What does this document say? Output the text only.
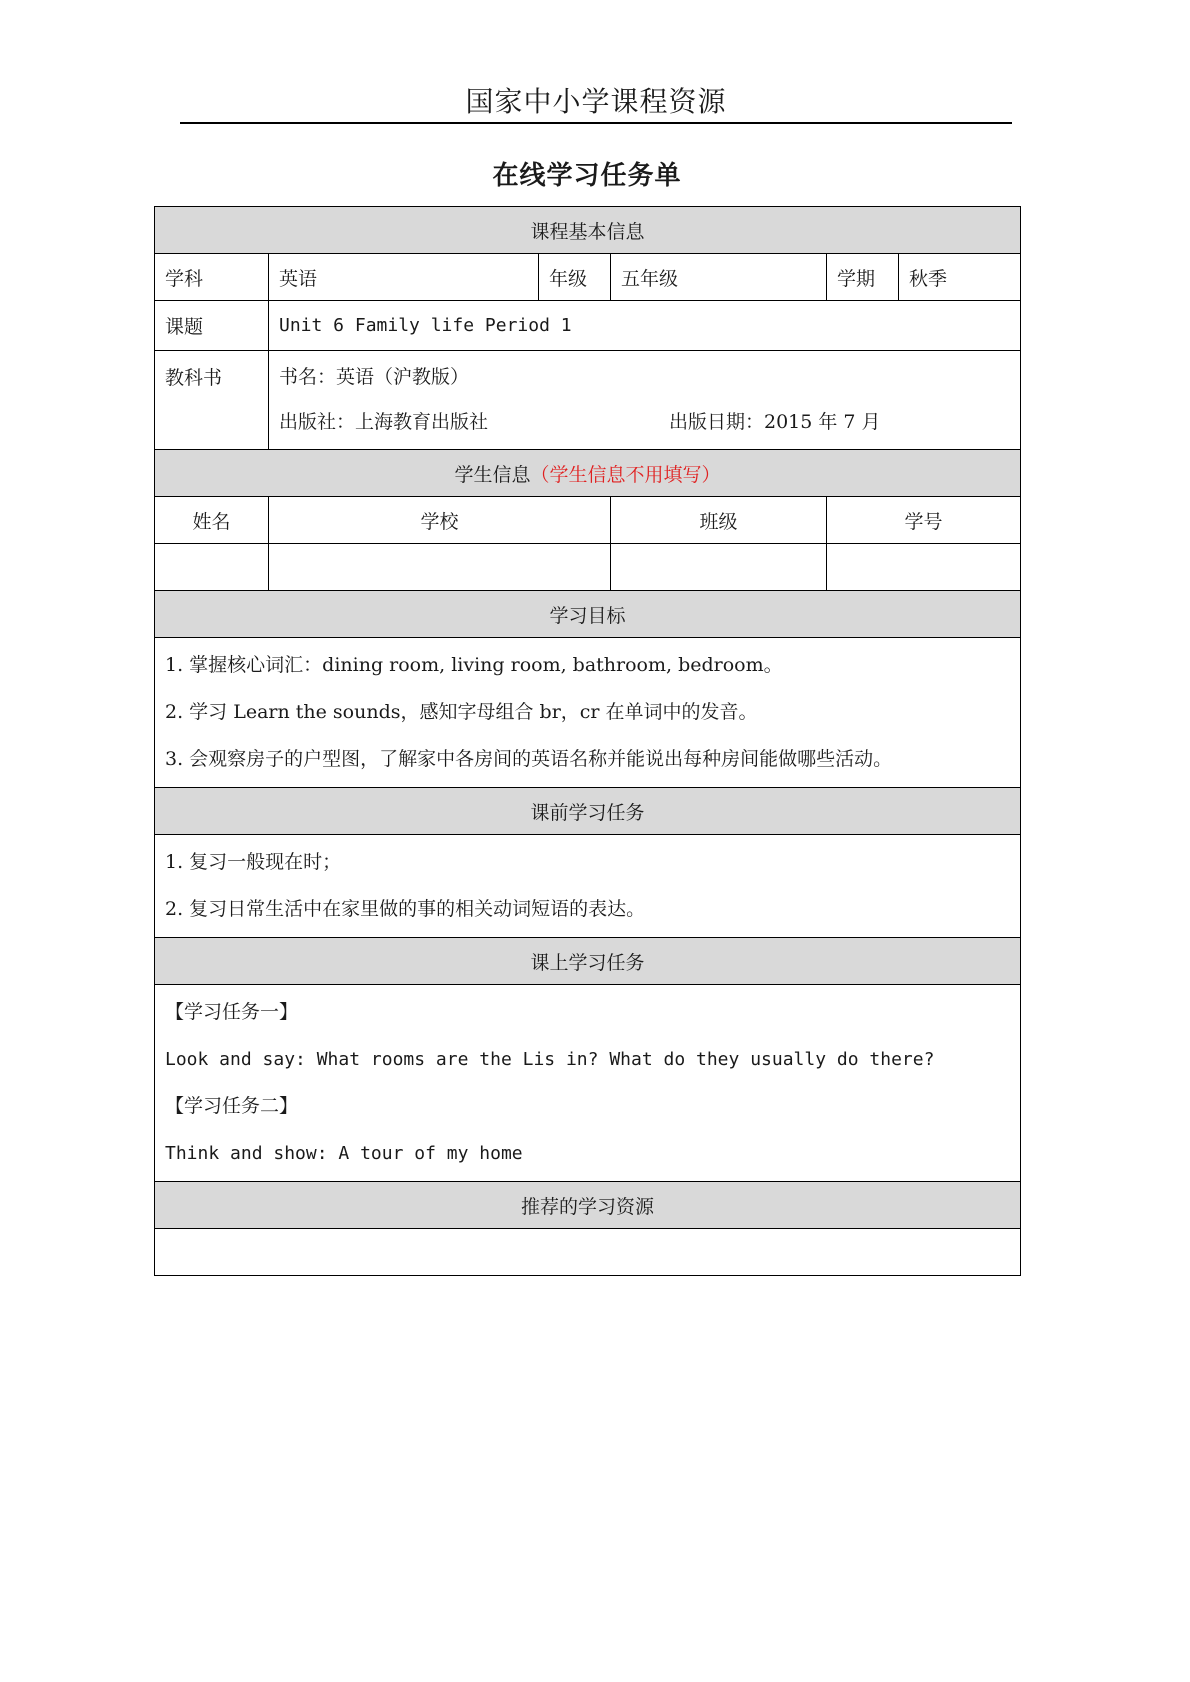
国家中小学课程资源
在线学习任务单
课程基本信息					
学科	英语	年级	五年级	学期	秋季
课题	Unit 6 Family life Period 1				
教科书	书名：英语（沪教版）
出版社：上海教育出版社 出版日期：2015 年 7 月				

学生信息（学生信息不用填写）					
姓名	学校		班级	学号	

学习目标					

1. 掌握核心词汇：dining room, living room, bathroom, bedroom。
2. 学习 Learn the sounds，感知字母组合 br，cr 在单词中的发音。
3. 会观察房子的户型图，了解家中各房间的英语名称并能说出每种房间能做哪些活动。					

课前学习任务					

1. 复习一般现在时；
2. 复习日常生活中在家里做的事的相关动词短语的表达。					

课上学习任务					

【学习任务一】
Look and say: What rooms are the Lis in? What do they usually do there?
【学习任务二】
Think and show: A tour of my home					

推荐的学习资源					
